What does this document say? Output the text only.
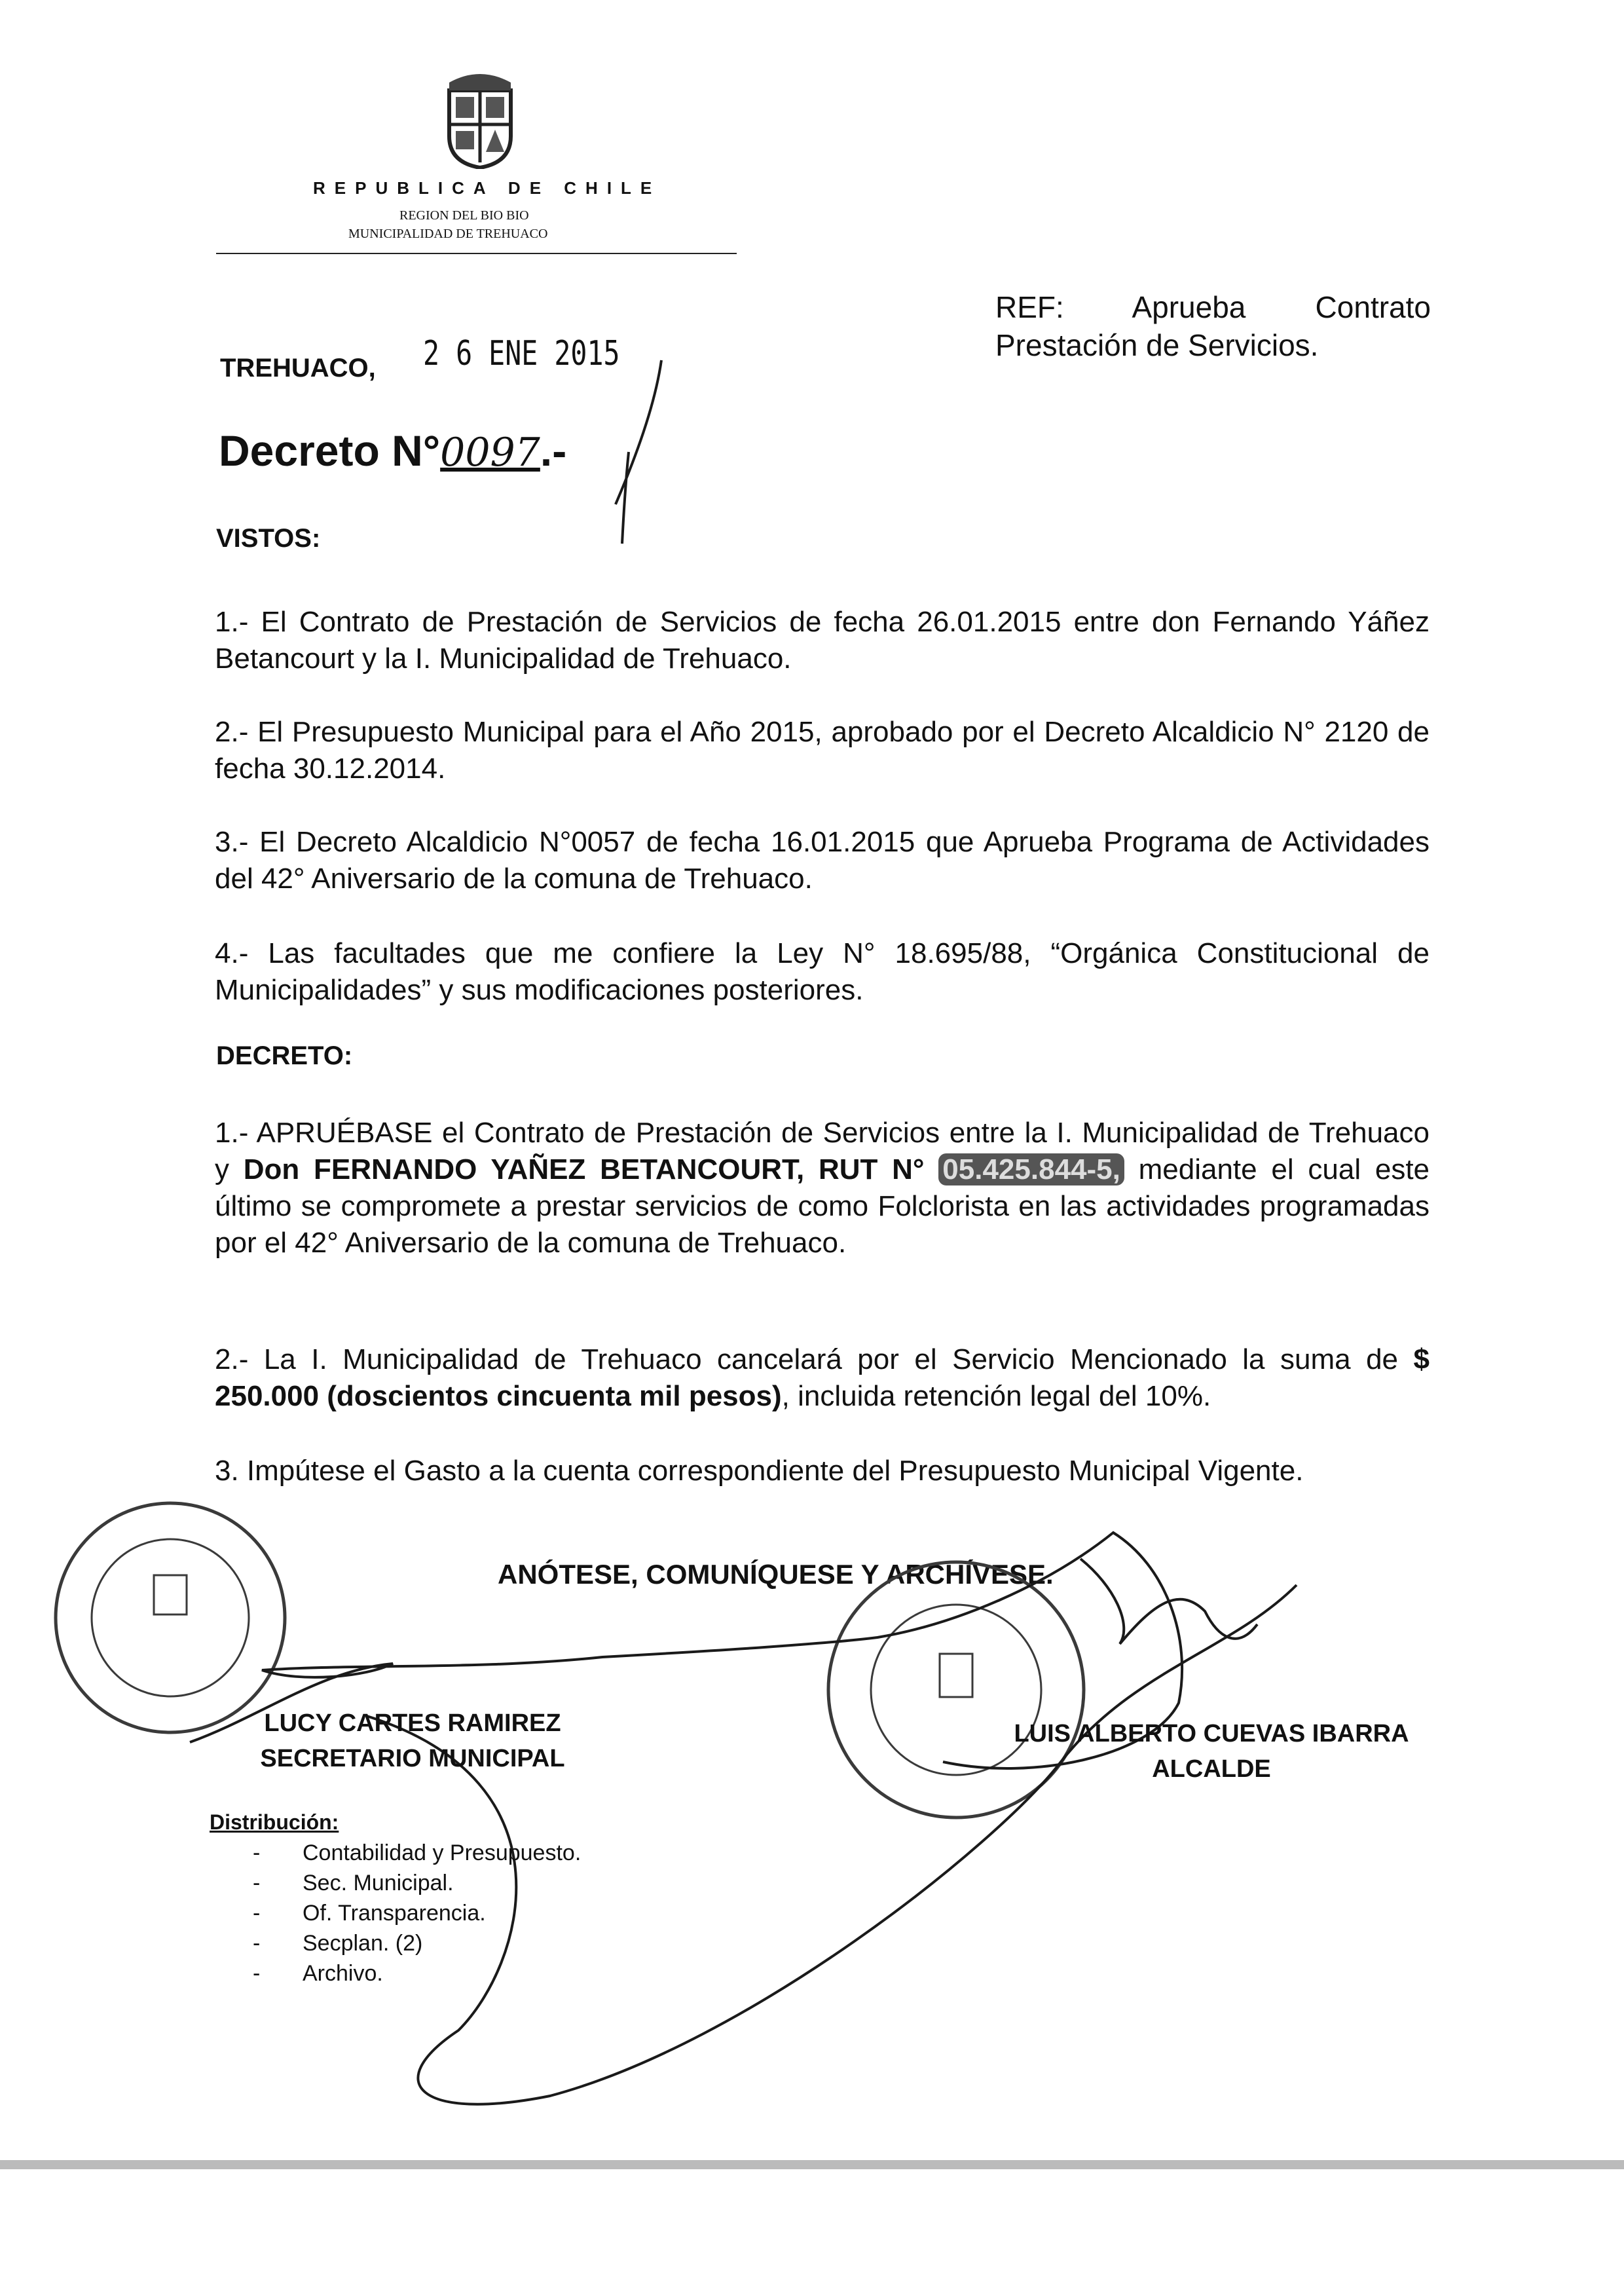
REPUBLICA DE CHILE
REGION DEL BIO BIO
MUNICIPALIDAD DE TREHUACO
REF: Aprueba Contrato Prestación de Servicios.
TREHUACO, 2 6 ENE 2015
Decreto N°0097.-
VISTOS:
1.- El Contrato de Prestación de Servicios de fecha 26.01.2015 entre don Fernando Yáñez Betancourt y la I. Municipalidad de Trehuaco.
2.- El Presupuesto Municipal para el Año 2015, aprobado por el Decreto Alcaldicio N° 2120 de fecha 30.12.2014.
3.- El Decreto Alcaldicio N°0057 de fecha 16.01.2015 que Aprueba Programa de Actividades del 42° Aniversario de la comuna de Trehuaco.
4.- Las facultades que me confiere la Ley N° 18.695/88, “Orgánica Constitucional de Municipalidades” y sus modificaciones posteriores.
DECRETO:
1.- APRUÉBASE el Contrato de Prestación de Servicios entre la I. Municipalidad de Trehuaco y Don FERNANDO YAÑEZ BETANCOURT, RUT N° 05.425.844-5, mediante el cual este último se compromete a prestar servicios de como Folclorista en las actividades programadas por el 42° Aniversario de la comuna de Trehuaco.
2.- La I. Municipalidad de Trehuaco cancelará por el Servicio Mencionado la suma de $ 250.000 (doscientos cincuenta mil pesos), incluida retención legal del 10%.
3. Impútese el Gasto a la cuenta correspondiente del Presupuesto Municipal Vigente.
ANÓTESE, COMUNÍQUESE Y ARCHÍVESE.
LUCY CARTES RAMIREZ
SECRETARIO MUNICIPAL
LUIS ALBERTO CUEVAS IBARRA
ALCALDE
Distribución:
- Contabilidad y Presupuesto.
- Sec. Municipal.
- Of. Transparencia.
- Secplan. (2)
- Archivo.
